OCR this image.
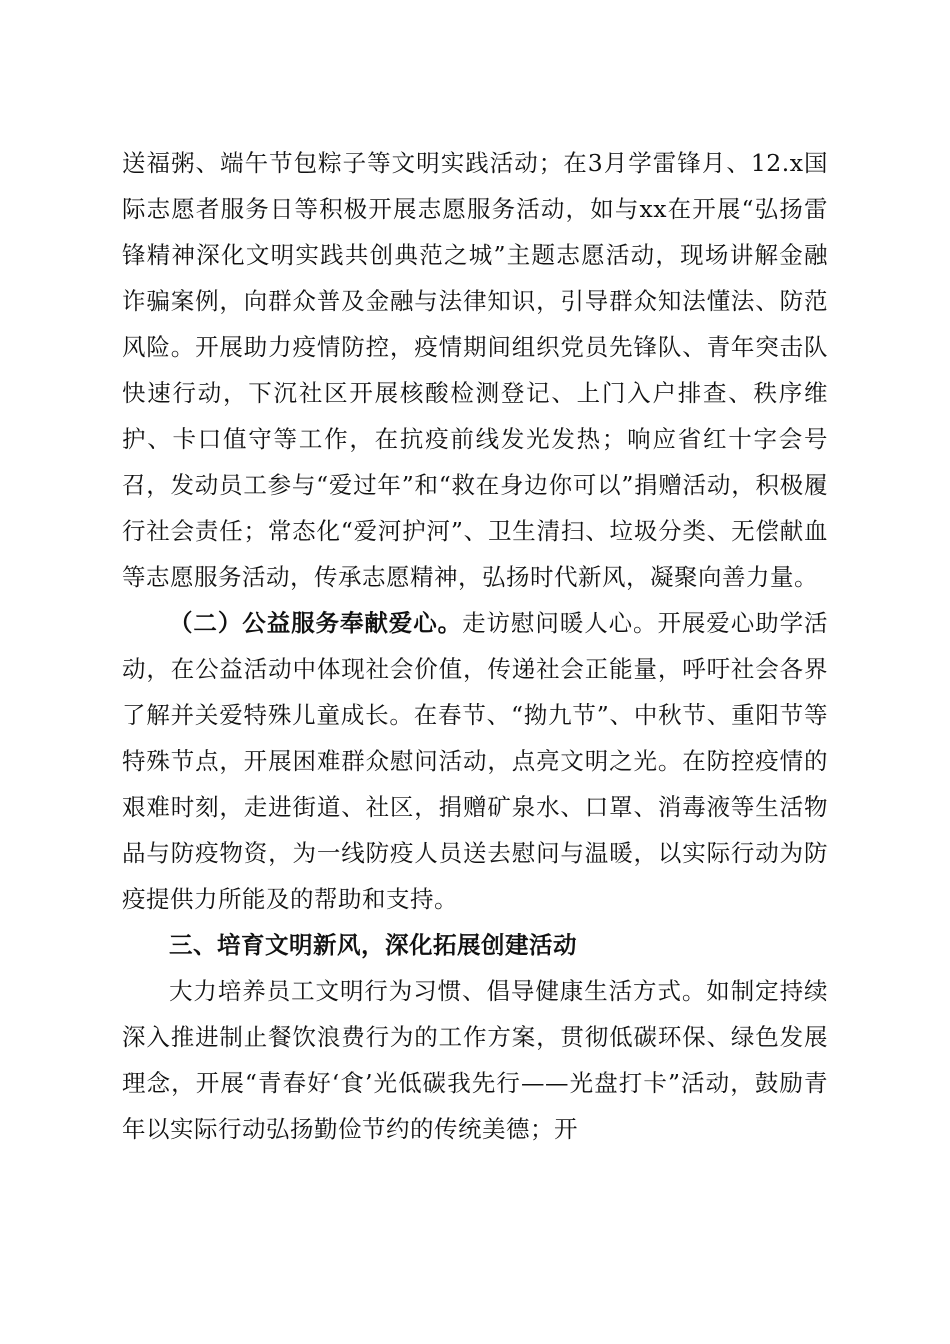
送福粥、端午节包粽子等文明实践活动；在3月学雷锋月、12.x国际志愿者服务日等积极开展志愿服务活动，如与xx在开展“弘扬雷锋精神深化文明实践共创典范之城”主题志愿活动，现场讲解金融诈骗案例，向群众普及金融与法律知识，引导群众知法懂法、防范风险。开展助力疫情防控，疫情期间组织党员先锋队、青年突击队快速行动，下沉社区开展核酸检测登记、上门入户排查、秩序维护、卡口值守等工作，在抗疫前线发光发热；响应省红十字会号召，发动员工参与“爱过年”和“救在身边你可以”捐赠活动，积极履行社会责任；常态化“爱河护河”、卫生清扫、垃圾分类、无偿献血等志愿服务活动，传承志愿精神，弘扬时代新风，凝聚向善力量。

（二）公益服务奉献爱心。走访慰问暖人心。开展爱心助学活动，在公益活动中体现社会价值，传递社会正能量，呼吁社会各界了解并关爱特殊儿童成长。在春节、“拗九节”、中秋节、重阳节等特殊节点，开展困难群众慰问活动，点亮文明之光。在防控疫情的艰难时刻，走进街道、社区，捐赠矿泉水、口罩、消毒液等生活物品与防疫物资，为一线防疫人员送去慰问与温暖，以实际行动为防疫提供力所能及的帮助和支持。

三、培育文明新风，深化拓展创建活动

大力培养员工文明行为习惯、倡导健康生活方式。如制定持续深入推进制止餐饮浪费行为的工作方案，贯彻低碳环保、绿色发展理念，开展“青春好‘食’光低碳我先行——光盘打卡”活动，鼓励青年以实际行动弘扬勤俭节约的传统美德；开
